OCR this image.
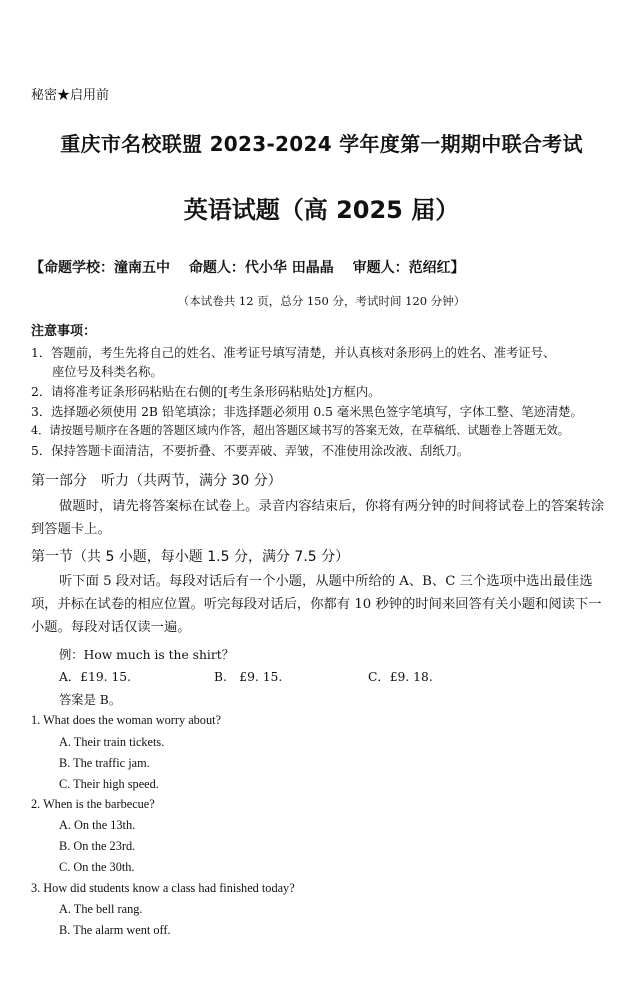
秘密★启用前
重庆市名校联盟 2023-2024 学年度第一期期中联合考试
英语试题（高 2025 届）
【命题学校：潼南五中 命题人：代小华 田晶晶 审题人：范绍红】
（本试卷共 12 页，总分 150 分，考试时间 120 分钟）
注意事项：
1．答题前，考生先将自己的姓名、准考证号填写清楚，并认真核对条形码上的姓名、准考证号、
座位号及科类名称。
2．请将准考证条形码粘贴在右侧的[考生条形码粘贴处]方框内。
3．选择题必须使用 2B 铅笔填涂；非选择题必须用 0.5 毫米黑色签字笔填写，字体工整、笔迹清楚。
4．请按题号顺序在各题的答题区域内作答，超出答题区域书写的答案无效，在草稿纸、试题卷上答题无效。
5．保持答题卡面清洁，不要折叠、不要弄破、弄皱，不准使用涂改液、刮纸刀。
第一部分　听力（共两节，满分 30 分）
做题时，请先将答案标在试卷上。录音内容结束后，你将有两分钟的时间将试卷上的答案转涂到答题卡上。
第一节（共 5 小题，每小题 1.5 分，满分 7.5 分）
听下面 5 段对话。每段对话后有一个小题，从题中所给的 A、B、C 三个选项中选出最佳选项，并标在试卷的相应位置。听完每段对话后，你都有 10 秒钟的时间来回答有关小题和阅读下一小题。每段对话仅读一遍。
例：How much is the shirt？
A．£19. 15.	B.　£9. 15.	C．£9. 18.
答案是 B。
1. What does the woman worry about?
A. Their train tickets.
B. The traffic jam.
C. Their high speed.
2. When is the barbecue?
A. On the 13th.
B. On the 23rd.
C. On the 30th.
3. How did students know a class had finished today?
A. The bell rang.
B. The alarm went off.
